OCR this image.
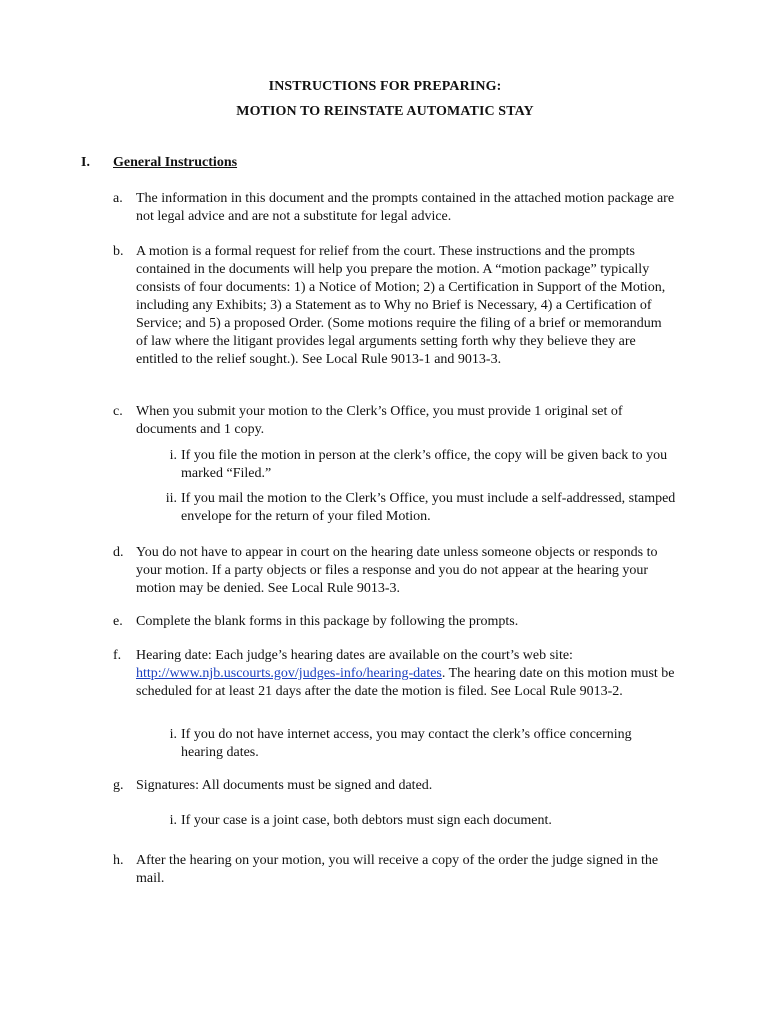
INSTRUCTIONS FOR PREPARING:
MOTION TO REINSTATE AUTOMATIC STAY
I. General Instructions
a. The information in this document and the prompts contained in the attached motion package are not legal advice and are not a substitute for legal advice.
b. A motion is a formal request for relief from the court. These instructions and the prompts contained in the documents will help you prepare the motion. A “motion package” typically consists of four documents: 1) a Notice of Motion; 2) a Certification in Support of the Motion, including any Exhibits; 3) a Statement as to Why no Brief is Necessary, 4) a Certification of Service; and 5) a proposed Order. (Some motions require the filing of a brief or memorandum of law where the litigant provides legal arguments setting forth why they believe they are entitled to the relief sought.). See Local Rule 9013-1 and 9013-3.
c. When you submit your motion to the Clerk’s Office, you must provide 1 original set of documents and 1 copy.
i. If you file the motion in person at the clerk’s office, the copy will be given back to you marked “Filed.”
ii. If you mail the motion to the Clerk’s Office, you must include a self-addressed, stamped envelope for the return of your filed Motion.
d. You do not have to appear in court on the hearing date unless someone objects or responds to your motion. If a party objects or files a response and you do not appear at the hearing your motion may be denied. See Local Rule 9013-3.
e. Complete the blank forms in this package by following the prompts.
f.	Hearing date: Each judge’s hearing dates are available on the court’s web site: http://www.njb.uscourts.gov/judges-info/hearing-dates. The hearing date on this motion must be scheduled for at least 21 days after the date the motion is filed. See Local Rule 9013-2.
i. If you do not have internet access, you may contact the clerk’s office concerning hearing dates.
g. Signatures: All documents must be signed and dated.
i. If your case is a joint case, both debtors must sign each document.
h. After the hearing on your motion, you will receive a copy of the order the judge signed in the mail.
